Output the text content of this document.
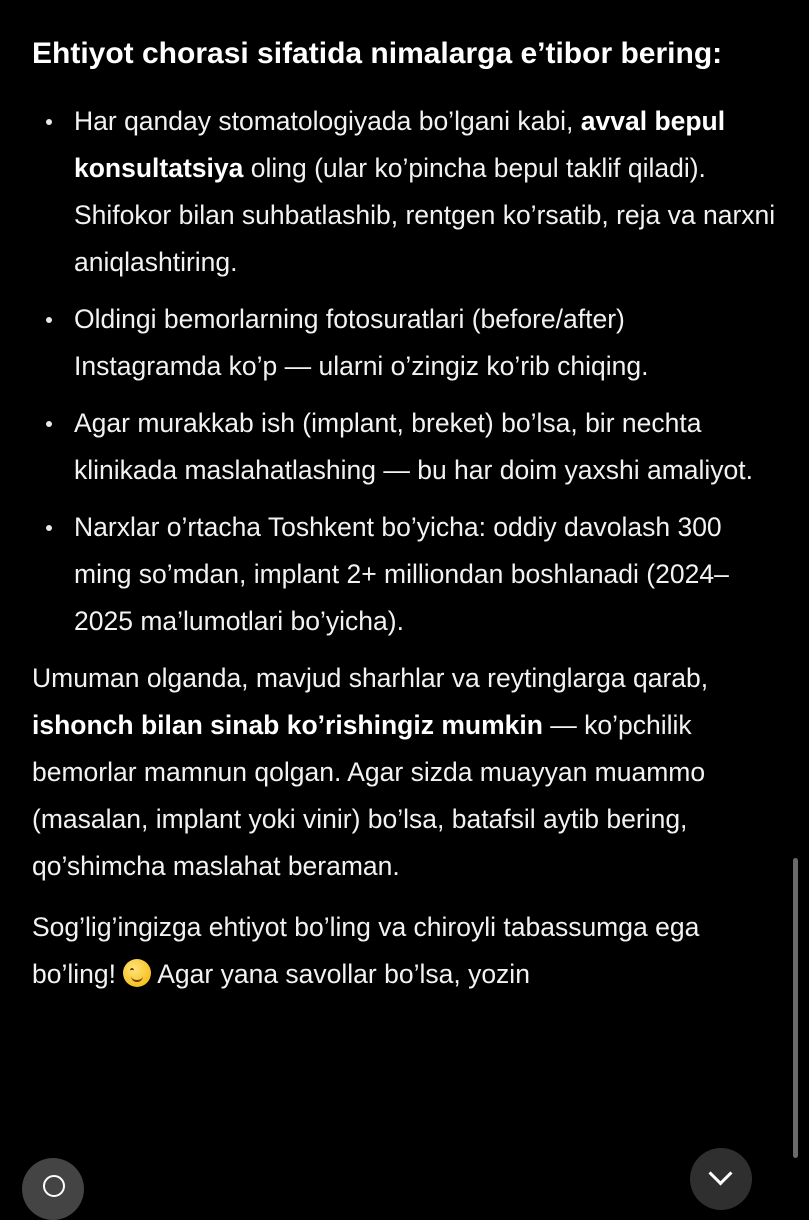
Ehtiyot chorasi sifatida nimalarga e’tibor bering:
Har qanday stomatologiyada bo’lgani kabi, avval bepul konsultatsiya oling (ular ko’pincha bepul taklif qiladi). Shifokor bilan suhbatlashib, rentgen ko’rsatib, reja va narxni aniqlashtiring.
Oldingi bemorlarning fotosuratlari (before/after) Instagramda ko’p — ularni o’zingiz ko’rib chiqing.
Agar murakkab ish (implant, breket) bo’lsa, bir nechta klinikada maslahatlashing — bu har doim yaxshi amaliyot.
Narxlar o’rtacha Toshkent bo’yicha: oddiy davolash 300 ming so’mdan, implant 2+ milliondan boshlanadi (2024–2025 ma’lumotlari bo’yicha).

Umuman olganda, mavjud sharhlar va reytinglarga qarab, ishonch bilan sinab ko’rishingiz mumkin — ko’pchilik bemorlar mamnun qolgan. Agar sizda muayyan muammo (masalan, implant yoki vinir) bo’lsa, batafsil aytib bering, qo’shimcha maslahat beraman.

Sog’lig’ingizga ehtiyot bo’ling va chiroyli tabassumga ega bo’ling!  Agar yana savollar bo’lsa, yozin
